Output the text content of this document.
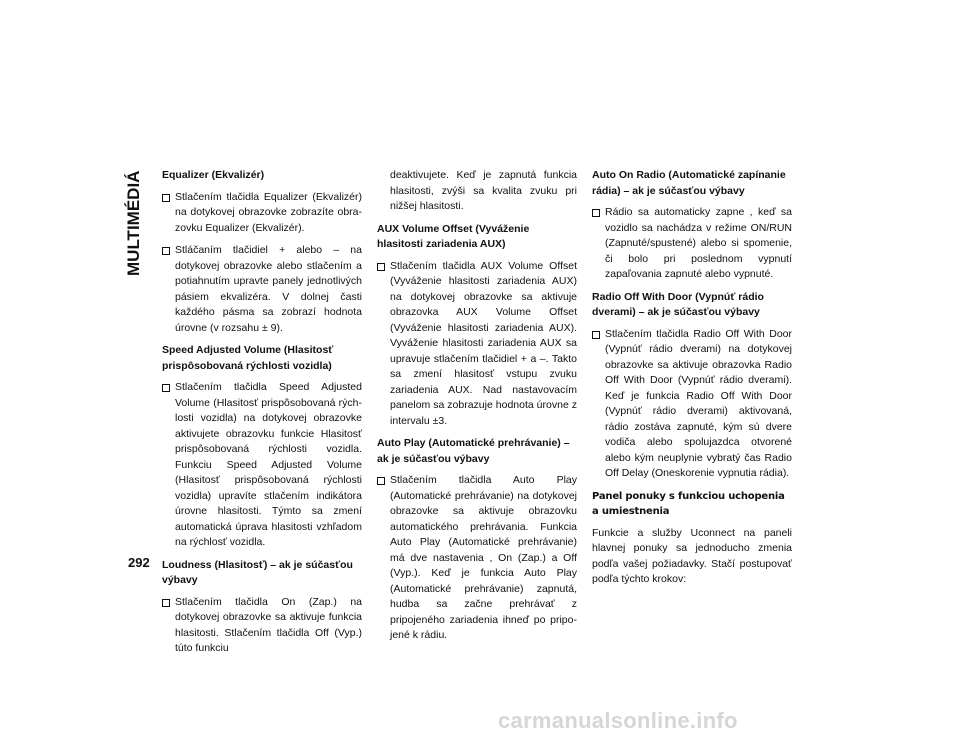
MULTIMÉDIÁ Equalizer (Ekvalizér)
Stlačením tlačidla Equalizer (Ekvalizér) na dotykovej obrazovke zobrazíte obrazovku Equalizer (Ekvalizér).
Stláčaním tlačidiel + alebo – na dotykovej obrazovke alebo stlačením a potiahnutím upravte panely jednotlivých pásiem ekvalizéra. V dolnej časti každého pásma sa zobrazí hodnota úrovne (v rozsahu ± 9).
Speed Adjusted Volume (Hlasitosť prispôsobovaná rýchlosti vozidla)
Stlačením tlačidla Speed Adjusted Volume (Hlasitosť prispôsobovaná rýchlosti vozidla) na dotykovej obrazovke aktivujete obrazovku funkcie Hlasitosť prispôsobovaná rýchlosti vozidla. Funkciu Speed Adjusted Volume (Hlasitosť prispôsobovaná rýchlosti vozidla) upravíte stlačením indikátora úrovne hlasitosti. Týmto sa zmení automatická úprava hlasitosti vzhľadom na rýchlosť vozidla.
Loudness (Hlasitosť) – ak je súčasťou výbavy
Stlačením tlačidla On (Zap.) na dotykovej obrazovke sa aktivuje funkcia hlasitosti. Stlačením tlačidla Off (Vyp.) túto funkciu
deaktivujete. Keď je zapnutá funkcia hlasitosti, zvýši sa kvalita zvuku pri nižšej hlasitosti.
AUX Volume Offset (Vyváženie hlasitosti zariadenia AUX)
Stlačením tlačidla AUX Volume Offset (Vyváženie hlasitosti zariadenia AUX) na dotykovej obrazovke sa aktivuje obrazovka AUX Volume Offset (Vyváženie hlasitosti zariadenia AUX). Vyváženie hlasitosti zariadenia AUX sa upravuje stlačením tlačidiel + a –. Takto sa zmení hlasitosť vstupu zvuku zariadenia AUX. Nad nastavovacím panelom sa zobrazuje hodnota úrovne z intervalu ±3.
Auto Play (Automatické prehrávanie) – ak je súčasťou výbavy
Stlačením tlačidla Auto Play (Automatické prehrávanie) na dotykovej obrazovke sa aktivuje obrazovku automatického prehrávania. Funkcia Auto Play (Automatické prehrávanie) má dve nastavenia , On (Zap.) a Off (Vyp.). Keď je funkcia Auto Play (Automatické prehrávanie) zapnutá, hudba sa začne prehrávať z pripojeného zariadenia ihneď po pripojené k rádiu.
Auto On Radio (Automatické zapínanie rádia) – ak je súčasťou výbavy
Rádio sa automaticky zapne , keď sa vozidlo sa nachádza v režime ON/RUN (Zapnuté/spustené) alebo si spomenie, či bolo pri poslednom vypnutí zapaľovania zapnuté alebo vypnuté.
Radio Off With Door (Vypnúť rádio dverami) – ak je súčasťou výbavy
Stlačením tlačidla Radio Off With Door (Vypnúť rádio dverami) na dotykovej obrazovke sa aktivuje obrazovka Radio Off With Door (Vypnúť rádio dverami). Keď je funkcia Radio Off With Door (Vypnúť rádio dverami) aktivovaná, rádio zostáva zapnuté, kým sú dvere vodiča alebo spolujazdca otvorené alebo kým neuplynie vybratý čas Radio Off Delay (Oneskorenie vypnutia rádia).
Panel ponuky s funkciou uchopenia
a umiestnenia
Funkcie a služby Uconnect na paneli hlavnej ponuky sa jednoducho zmenia podľa vašej požiadavky. Stačí postupovať podľa týchto krokov:
292
carmanualsonline.info
